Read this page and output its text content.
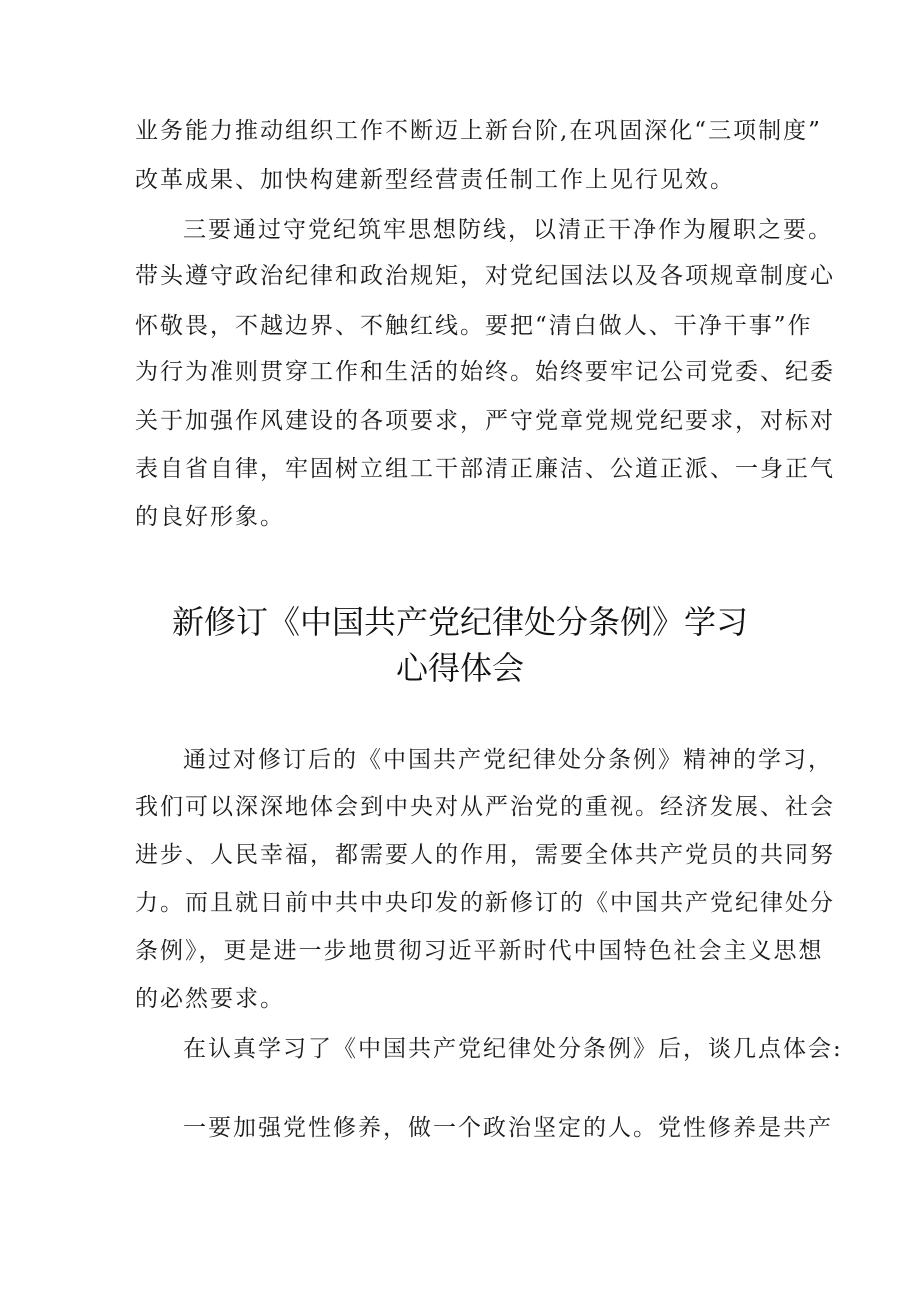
业务能力推动组织工作不断迈上新台阶,在巩固深化“三项制度”
改革成果、加快构建新型经营责任制工作上见行见效。
三要通过守党纪筑牢思想防线，以清正干净作为履职之要。
带头遵守政治纪律和政治规矩，对党纪国法以及各项规章制度心
怀敬畏，不越边界、不触红线。要把“清白做人、干净干事”作
为行为准则贯穿工作和生活的始终。始终要牢记公司党委、纪委
关于加强作风建设的各项要求，严守党章党规党纪要求，对标对
表自省自律，牢固树立组工干部清正廉洁、公道正派、一身正气
的良好形象。
新修订《中国共产党纪律处分条例》学习
心得体会
通过对修订后的《中国共产党纪律处分条例》精神的学习，
我们可以深深地体会到中央对从严治党的重视。经济发展、社会
进步、人民幸福，都需要人的作用，需要全体共产党员的共同努
力。而且就日前中共中央印发的新修订的《中国共产党纪律处分
条例》，更是进一步地贯彻习近平新时代中国特色社会主义思想
的必然要求。
在认真学习了《中国共产党纪律处分条例》后，谈几点体会:
一要加强党性修养，做一个政治坚定的人。党性修养是共产
